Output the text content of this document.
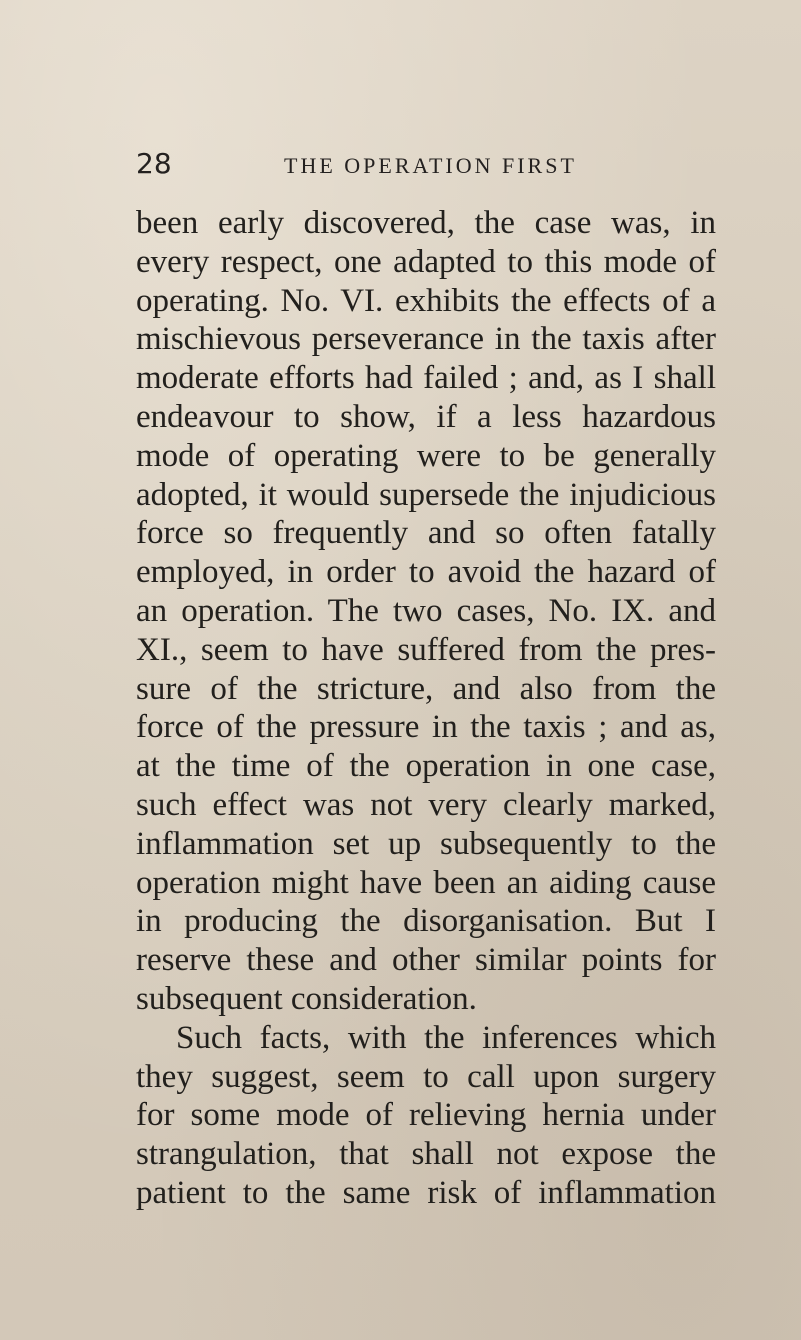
28	THE OPERATION FIRST
been early discovered, the case was, in
every respect, one adapted to this mode of
operating. No. VI. exhibits the effects of a
mischievous perseverance in the taxis after
moderate efforts had failed ; and, as I shall
endeavour to show, if a less hazardous
mode of operating were to be generally
adopted, it would supersede the injudicious
force so frequently and so often fatally
employed, in order to avoid the hazard of
an operation. The two cases, No. IX. and
XI., seem to have suffered from the pres-
sure of the stricture, and also from the
force of the pressure in the taxis ; and as,
at the time of the operation in one case,
such effect was not very clearly marked,
inflammation set up subsequently to the
operation might have been an aiding cause
in producing the disorganisation. But I
reserve these and other similar points for
subsequent consideration.
Such facts, with the inferences which
they suggest, seem to call upon surgery
for some mode of relieving hernia under
strangulation, that shall not expose the
patient to the same risk of inflammation
